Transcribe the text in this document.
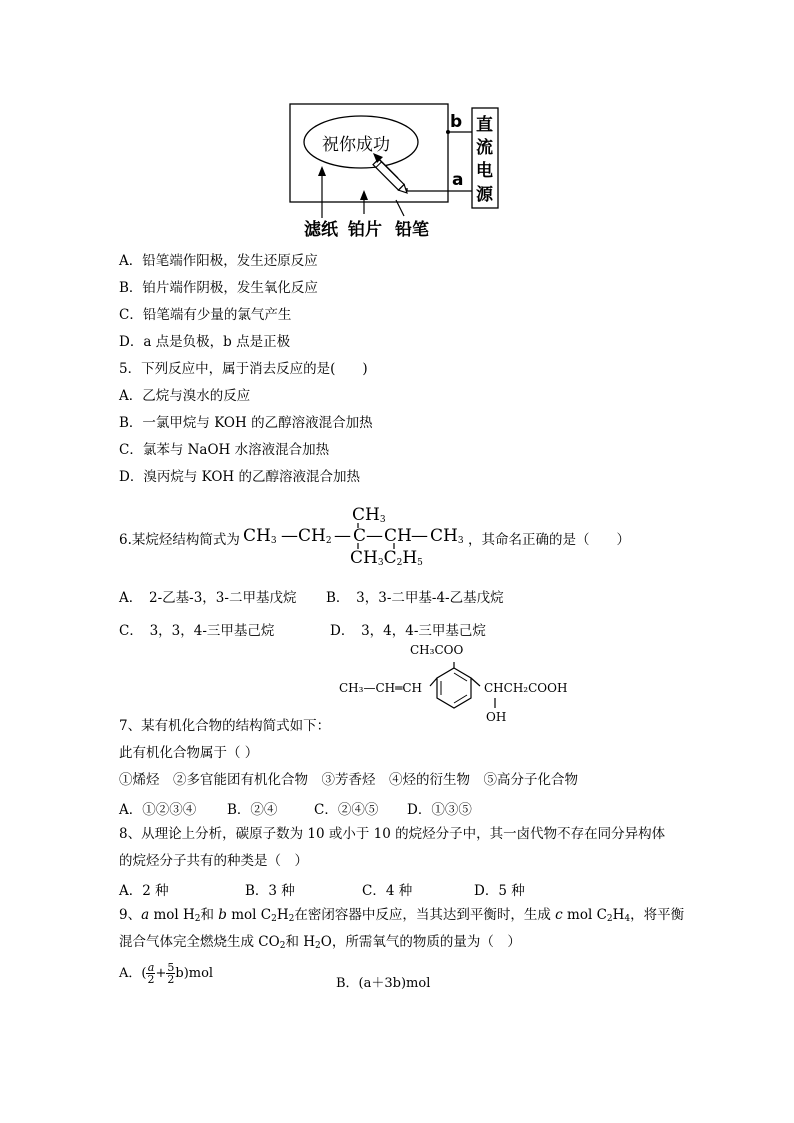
祝你成功
b
a
直
流
电
源
滤纸 铂片 铅笔
A．铅笔端作阳极，发生还原反应
B．铂片端作阴极，发生氧化反应
C．铅笔端有少量的氯气产生
D．a 点是负极，b 点是正极
5．下列反应中，属于消去反应的是(　　)
A．乙烷与溴水的反应
B．一氯甲烷与 KOH 的乙醇溶液混合加热
C．氯苯与 NaOH 水溶液混合加热
D．溴丙烷与 KOH 的乙醇溶液混合加热
6.某烷烃结构简式为 $CH_3$ — $CH_2$ — C — CH — $CH_3$
$CH_3$
$CH_3C_2H_5$
，其命名正确的是（　　）
A．　2-乙基-3，3-二甲基戊烷 B．　3，3-二甲基-4-乙基戊烷
C．　3，3，4-三甲基己烷	D．　3，4，4-三甲基己烷
CH₃COO
CH₃—CH═CH	CHCH₂COOH
OH
7、某有机化合物的结构简式如下：
此有机化合物属于（ ）
①烯烃　②多官能团有机化合物　③芳香烃　④烃的衍生物　⑤高分子化合物
A．①②③④ B．②④	C．②④⑤ D．①③⑤
8、从理论上分析，碳原子数为 10 或小于 10 的烷烃分子中，其一卤代物不存在同分异构体
的烷烃分子共有的种类是（　）
A．2 种	B．3 种	C．4 种	D．5 种
9、a mol $H_2$和 b mol $C_2H_2$在密闭容器中反应，当其达到平衡时，生成 c mol $C_2H_4$，将平衡
混合气体完全燃烧生成 $CO_2$和 $H_2O$，所需氧气的物质的量为（　）
A．( $\frac{a}{2} + \frac{5}{2} b)mol$
B．(a＋3b)mol
